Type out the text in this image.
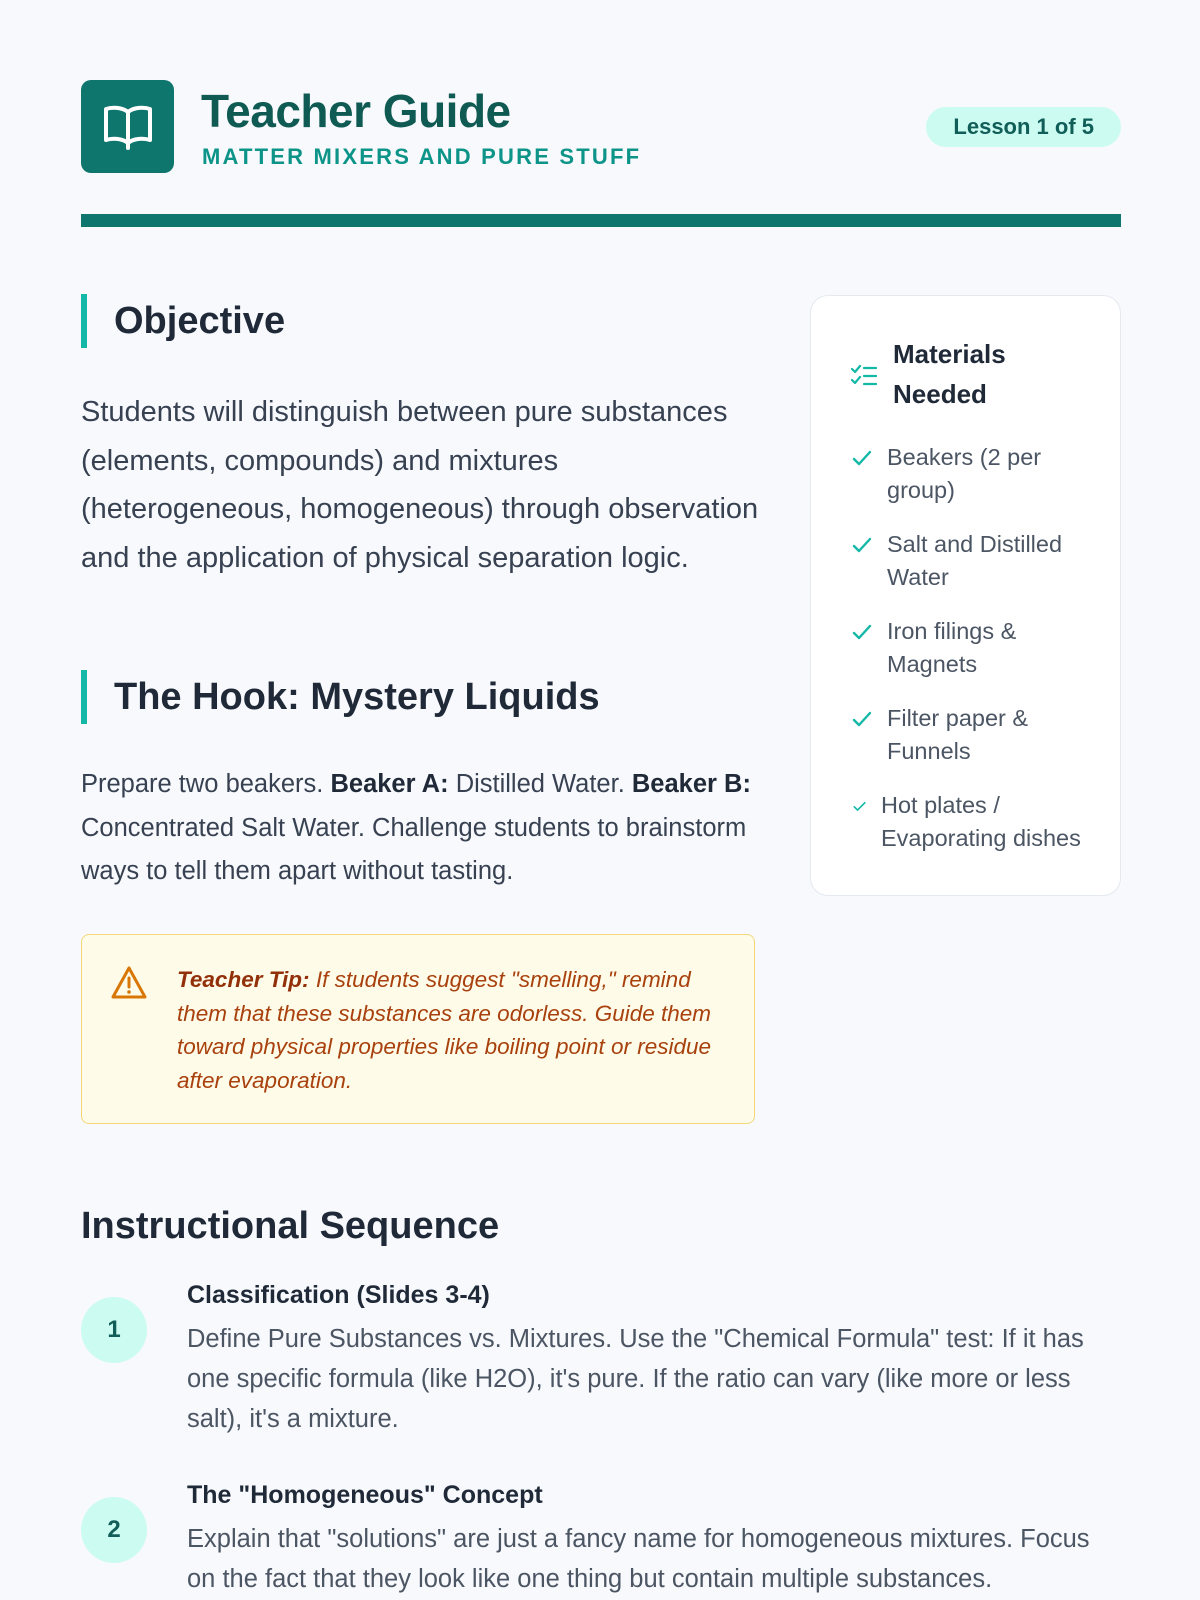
Teacher Guide
MATTER MIXERS AND PURE STUFF
Lesson 1 of 5
Objective
Students will distinguish between pure substances (elements, compounds) and mixtures (heterogeneous, homogeneous) through observation and the application of physical separation logic.
The Hook: Mystery Liquids
Prepare two beakers. Beaker A: Distilled Water. Beaker B: Concentrated Salt Water. Challenge students to brainstorm ways to tell them apart without tasting.
Teacher Tip: If students suggest "smelling," remind them that these substances are odorless. Guide them toward physical properties like boiling point or residue after evaporation.
Materials Needed
Beakers (2 per group)
Salt and Distilled Water
Iron filings & Magnets
Filter paper & Funnels
Hot plates / Evaporating dishes
Instructional Sequence
1
Classification (Slides 3-4)
Define Pure Substances vs. Mixtures. Use the "Chemical Formula" test: If it has one specific formula (like H2O), it's pure. If the ratio can vary (like more or less salt), it's a mixture.
2
The "Homogeneous" Concept
Explain that "solutions" are just a fancy name for homogeneous mixtures. Focus on the fact that they look like one thing but contain multiple substances.
